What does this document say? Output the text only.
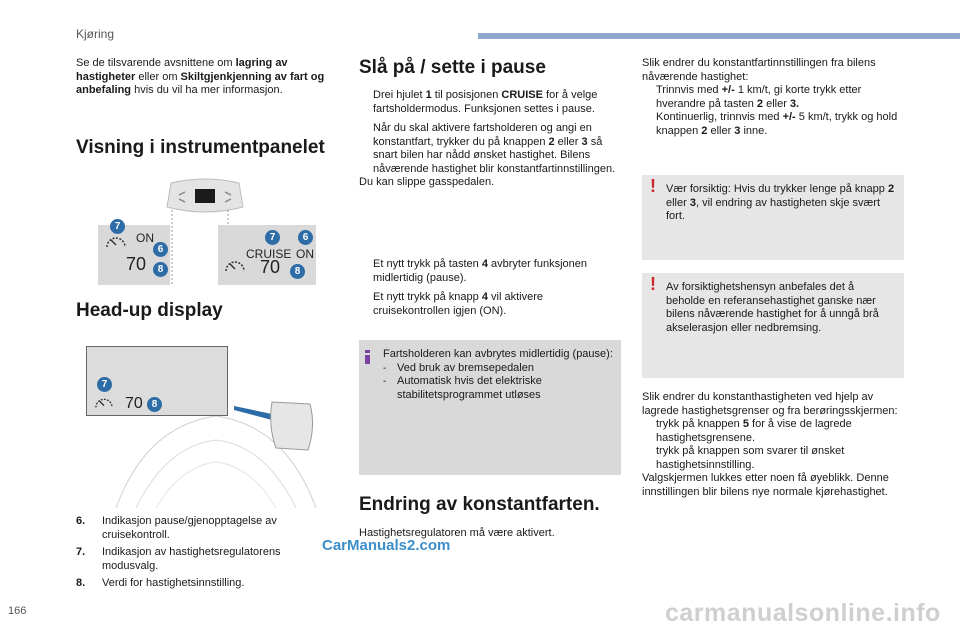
Kjøring

Se de tilsvarende avsnittene om lagring av hastigheter eller om Skiltgjenkjenning av fart og anbefaling hvis du vil ha mer informasjon.

Visning i instrumentpanelet
ON
70
7
6
8
CRUISE ON
70
7	6
8
Head-up display
70
7
8
6. Indikasjon pause/gjenopptagelse av cruisekontroll.
7. Indikasjon av hastighetsregulatorens modusvalg.
8. Verdi for hastighetsinnstilling.
Slå på / sette i pause
Drei hjulet 1 til posisjonen CRUISE for å velge fartsholdermodus. Funksjonen settes i pause.
Når du skal aktivere fartsholderen og angi en konstantfart, trykker du på knappen 2 eller 3 så snart bilen har nådd ønsket hastighet. Bilens nåværende hastighet blir konstantfartinnstillingen.

Du kan slippe gasspedalen.

Et nytt trykk på tasten 4 avbryter funksjonen midlertidig (pause).
Et nytt trykk på knapp 4 vil aktivere cruisekontrollen igjen (ON).

Fartsholderen kan avbrytes midlertidig (pause):

- Ved bruk av bremsepedalen
- Automatisk hvis det elektriske stabilitetsprogrammet utløses
Endring av konstantfarten.

Hastighetsregulatoren må være aktivert.

Slik endrer du konstantfartinnstillingen fra bilens nåværende hastighet:

Trinnvis med +/- 1 km/t, gi korte trykk etter hverandre på tasten 2 eller 3.
Kontinuerlig, trinnvis med +/- 5 km/t, trykk og hold knappen 2 eller 3 inne.
! Vær forsiktig: Hvis du trykker lenge på knapp 2 eller 3, vil endring av hastigheten skje svært fort.

! Av forsiktighetshensyn anbefales det å beholde en referansehastighet ganske nær bilens nåværende hastighet for å unngå brå akselerasjon eller nedbremsing.

Slik endrer du konstanthastigheten ved hjelp av lagrede hastighetsgrenser og fra berøringsskjermen:

trykk på knappen 5 for å vise de lagrede hastighetsgrensene.
trykk på knappen som svarer til ønsket hastighetsinnstilling.

Valgskjermen lukkes etter noen få øyeblikk. Denne innstillingen blir bilens nye normale kjørehastighet.

166
CarManuals2.com
carmanualsonline.info
